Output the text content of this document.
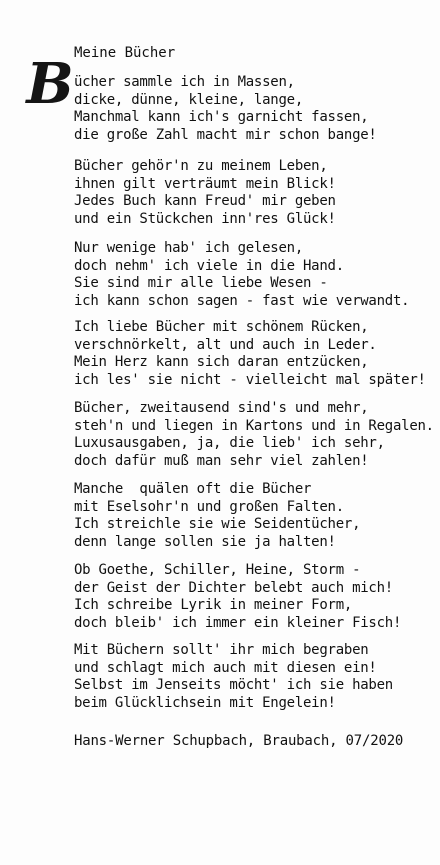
Meine Bücher
B ücher sammle ich in Massen,
dicke, dünne, kleine, lange,
Manchmal kann ich's garnicht fassen,
die große Zahl macht mir schon bange!
Bücher gehör'n zu meinem Leben,
ihnen gilt verträumt mein Blick!
Jedes Buch kann Freud' mir geben
und ein Stückchen inn'res Glück!
Nur wenige hab' ich gelesen,
doch nehm' ich viele in die Hand.
Sie sind mir alle liebe Wesen -
ich kann schon sagen - fast wie verwandt.
Ich liebe Bücher mit schönem Rücken,
verschnörkelt, alt und auch in Leder.
Mein Herz kann sich daran entzücken,
ich les' sie nicht - vielleicht mal später!
Bücher, zweitausend sind's und mehr,
steh'n und liegen in Kartons und in Regalen.
Luxusausgaben, ja, die lieb' ich sehr,
doch dafür muß man sehr viel zahlen!
Manche  quälen oft die Bücher
mit Eselsohr'n und großen Falten.
Ich streichle sie wie Seidentücher,
denn lange sollen sie ja halten!
Ob Goethe, Schiller, Heine, Storm -
der Geist der Dichter belebt auch mich!
Ich schreibe Lyrik in meiner Form,
doch bleib' ich immer ein kleiner Fisch!
Mit Büchern sollt' ihr mich begraben
und schlagt mich auch mit diesen ein!
Selbst im Jenseits möcht' ich sie haben
beim Glücklichsein mit Engelein!
Hans-Werner Schupbach, Braubach, 07/2020
